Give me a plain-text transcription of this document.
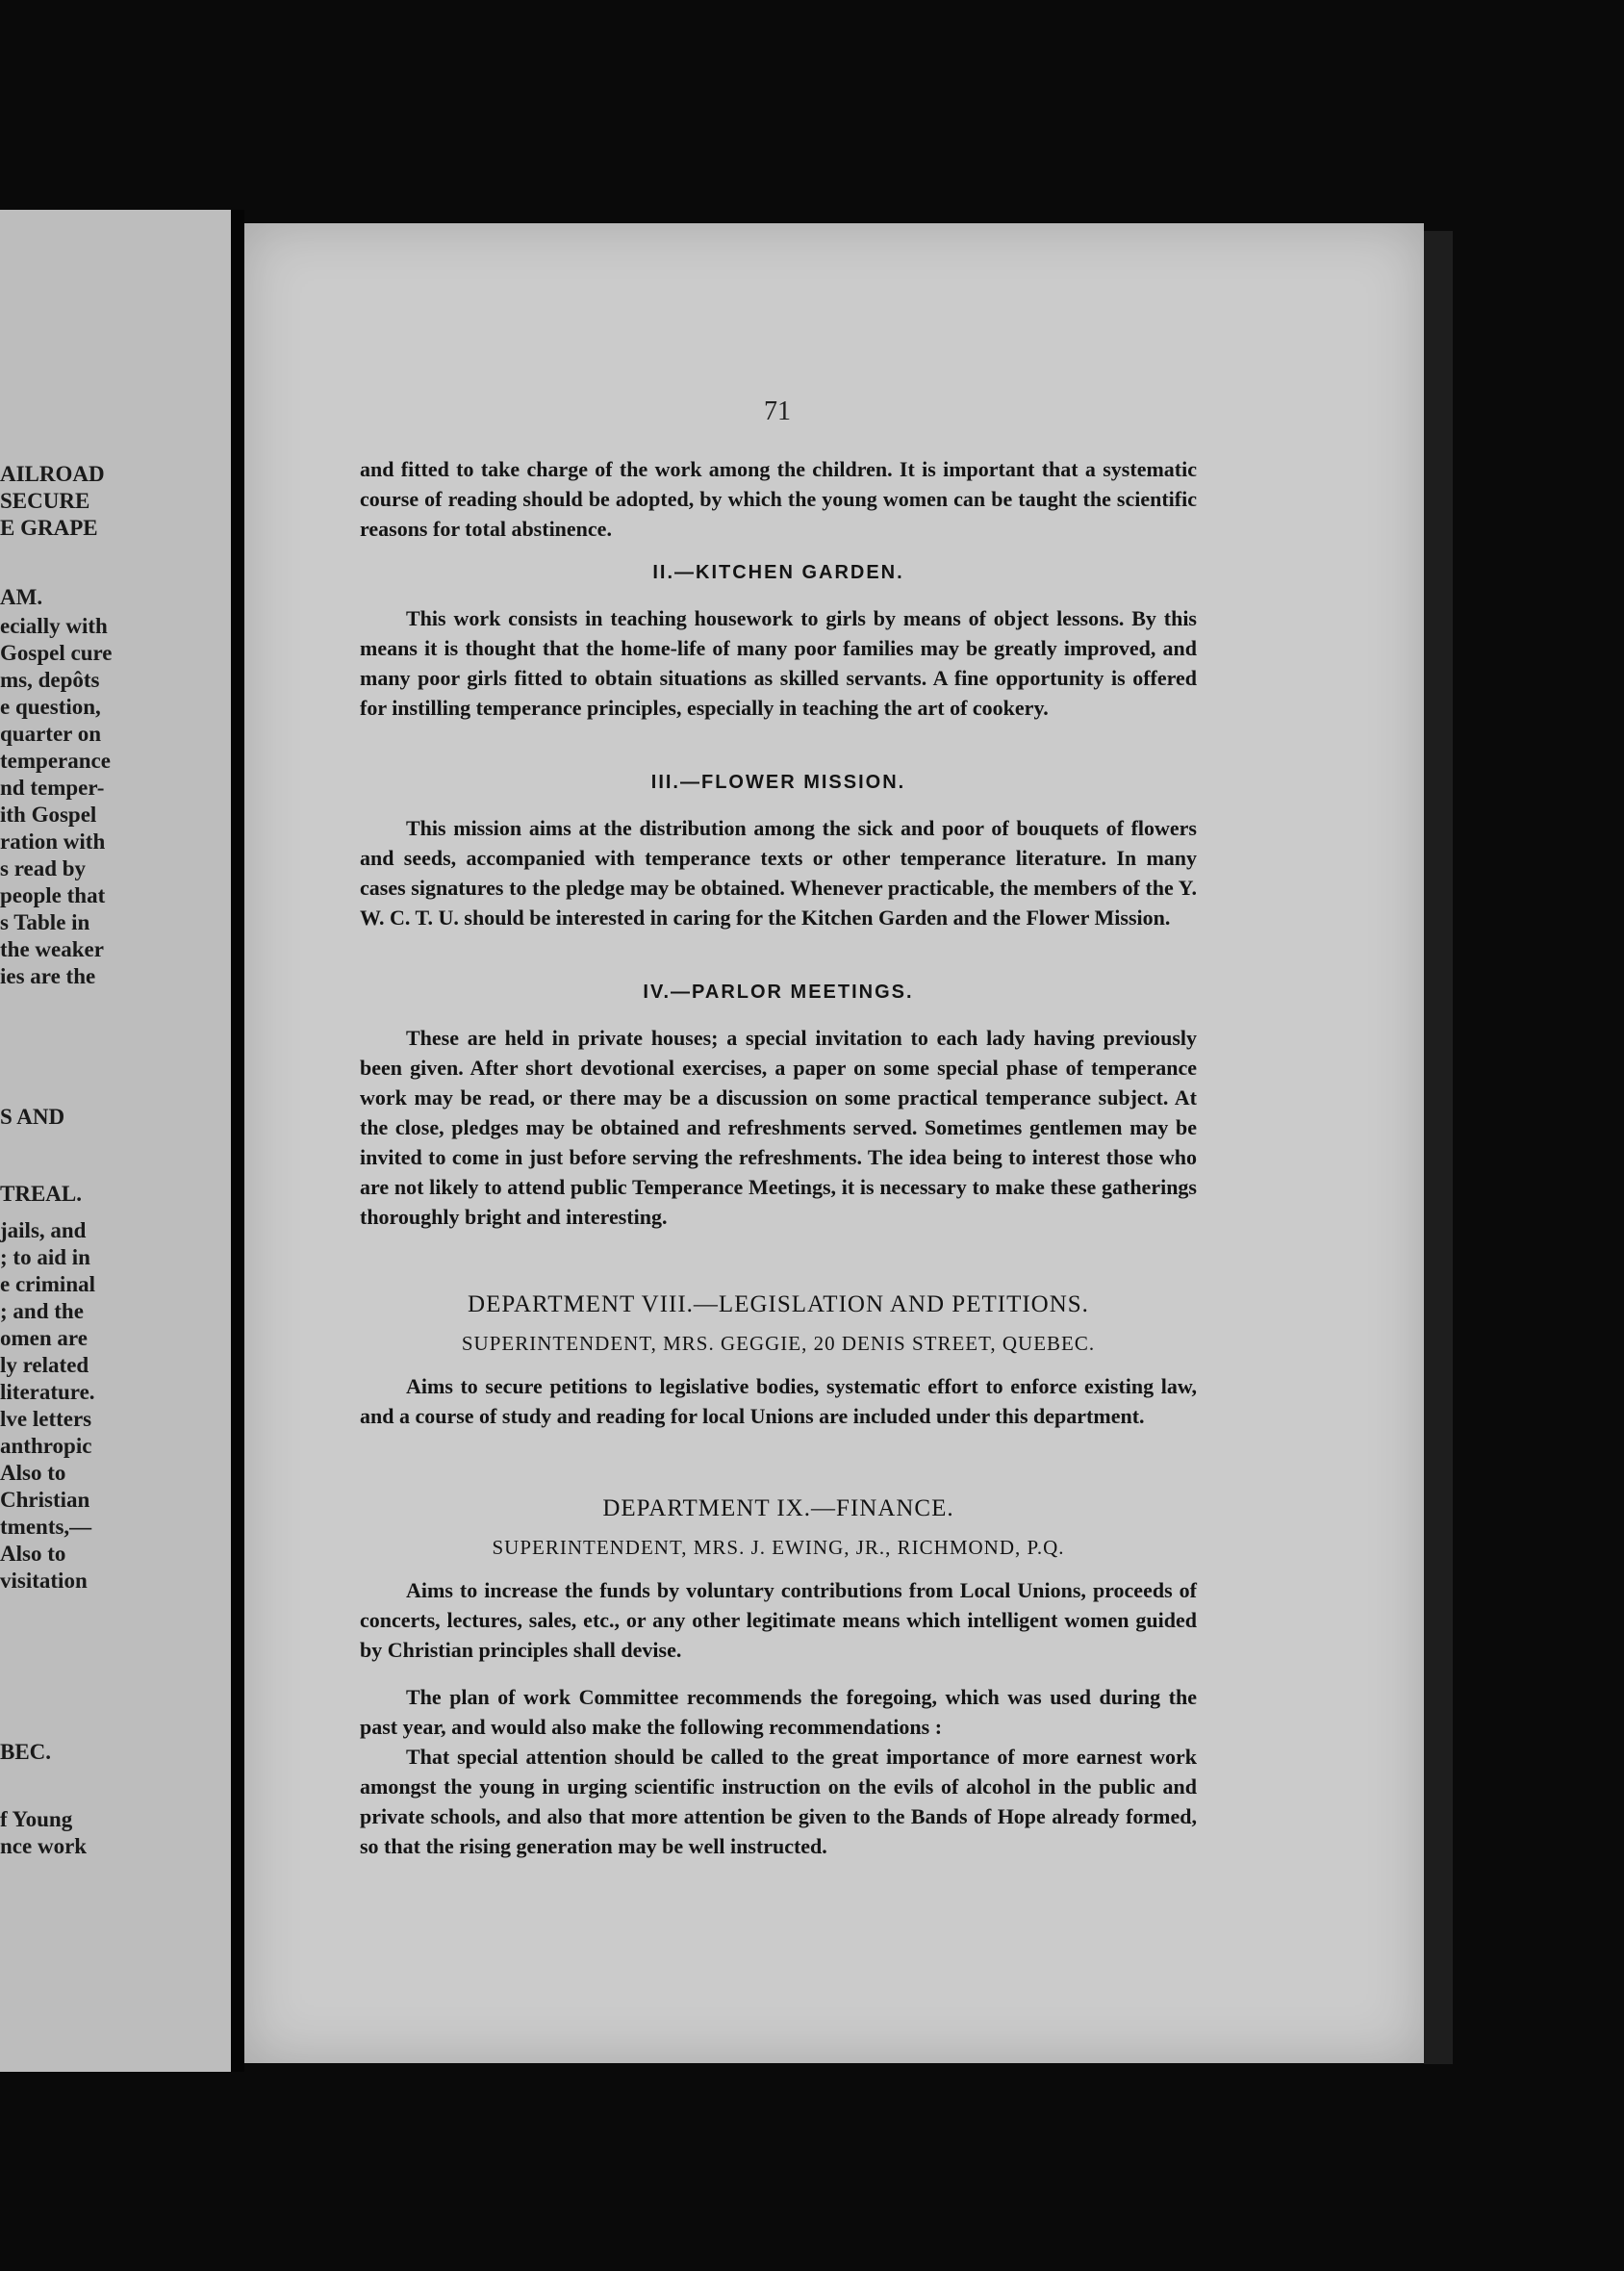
AILROAD
SECURE
E GRAPE
AM.
ecially with
Gospel cure
ms, depôts
e question,
quarter on
temperance
nd temper-
ith Gospel
ration with
s read by
people that
s Table in
the weaker
ies are the
S AND
TREAL.
jails, and
; to aid in
e criminal
; and the
omen are
ly related
literature.
lve letters
anthropic
Also to
Christian
tments,—
Also to
visitation
BEC.
f Young
nce work
71

and fitted to take charge of the work among the children. It is important that a systematic course of reading should be adopted, by which the young women can be taught the scientific reasons for total abstinence.

II.—KITCHEN GARDEN.

This work consists in teaching housework to girls by means of object lessons. By this means it is thought that the home-life of many poor families may be greatly improved, and many poor girls fitted to obtain situations as skilled servants. A fine opportunity is offered for instilling temperance principles, especially in teaching the art of cookery.

III.—FLOWER MISSION.

This mission aims at the distribution among the sick and poor of bouquets of flowers and seeds, accompanied with temperance texts or other temperance literature. In many cases signatures to the pledge may be obtained. Whenever practicable, the members of the Y. W. C. T. U. should be interested in caring for the Kitchen Garden and the Flower Mission.

IV.—PARLOR MEETINGS.

These are held in private houses; a special invitation to each lady having previously been given. After short devotional exercises, a paper on some special phase of temperance work may be read, or there may be a discussion on some practical temperance subject. At the close, pledges may be obtained and refreshments served. Sometimes gentlemen may be invited to come in just before serving the refreshments. The idea being to interest those who are not likely to attend public Temperance Meetings, it is necessary to make these gatherings thoroughly bright and interesting.

DEPARTMENT VIII.—LEGISLATION AND PETITIONS.
SUPERINTENDENT, MRS. GEGGIE, 20 DENIS STREET, QUEBEC.

Aims to secure petitions to legislative bodies, systematic effort to enforce existing law, and a course of study and reading for local Unions are included under this department.

DEPARTMENT IX.—FINANCE.
SUPERINTENDENT, MRS. J. EWING, JR., RICHMOND, P.Q.

Aims to increase the funds by voluntary contributions from Local Unions, proceeds of concerts, lectures, sales, etc., or any other legitimate means which intelligent women guided by Christian principles shall devise.

The plan of work Committee recommends the foregoing, which was used during the past year, and would also make the following recommendations :

That special attention should be called to the great importance of more earnest work amongst the young in urging scientific instruction on the evils of alcohol in the public and private schools, and also that more attention be given to the Bands of Hope already formed, so that the rising generation may be well instructed.
